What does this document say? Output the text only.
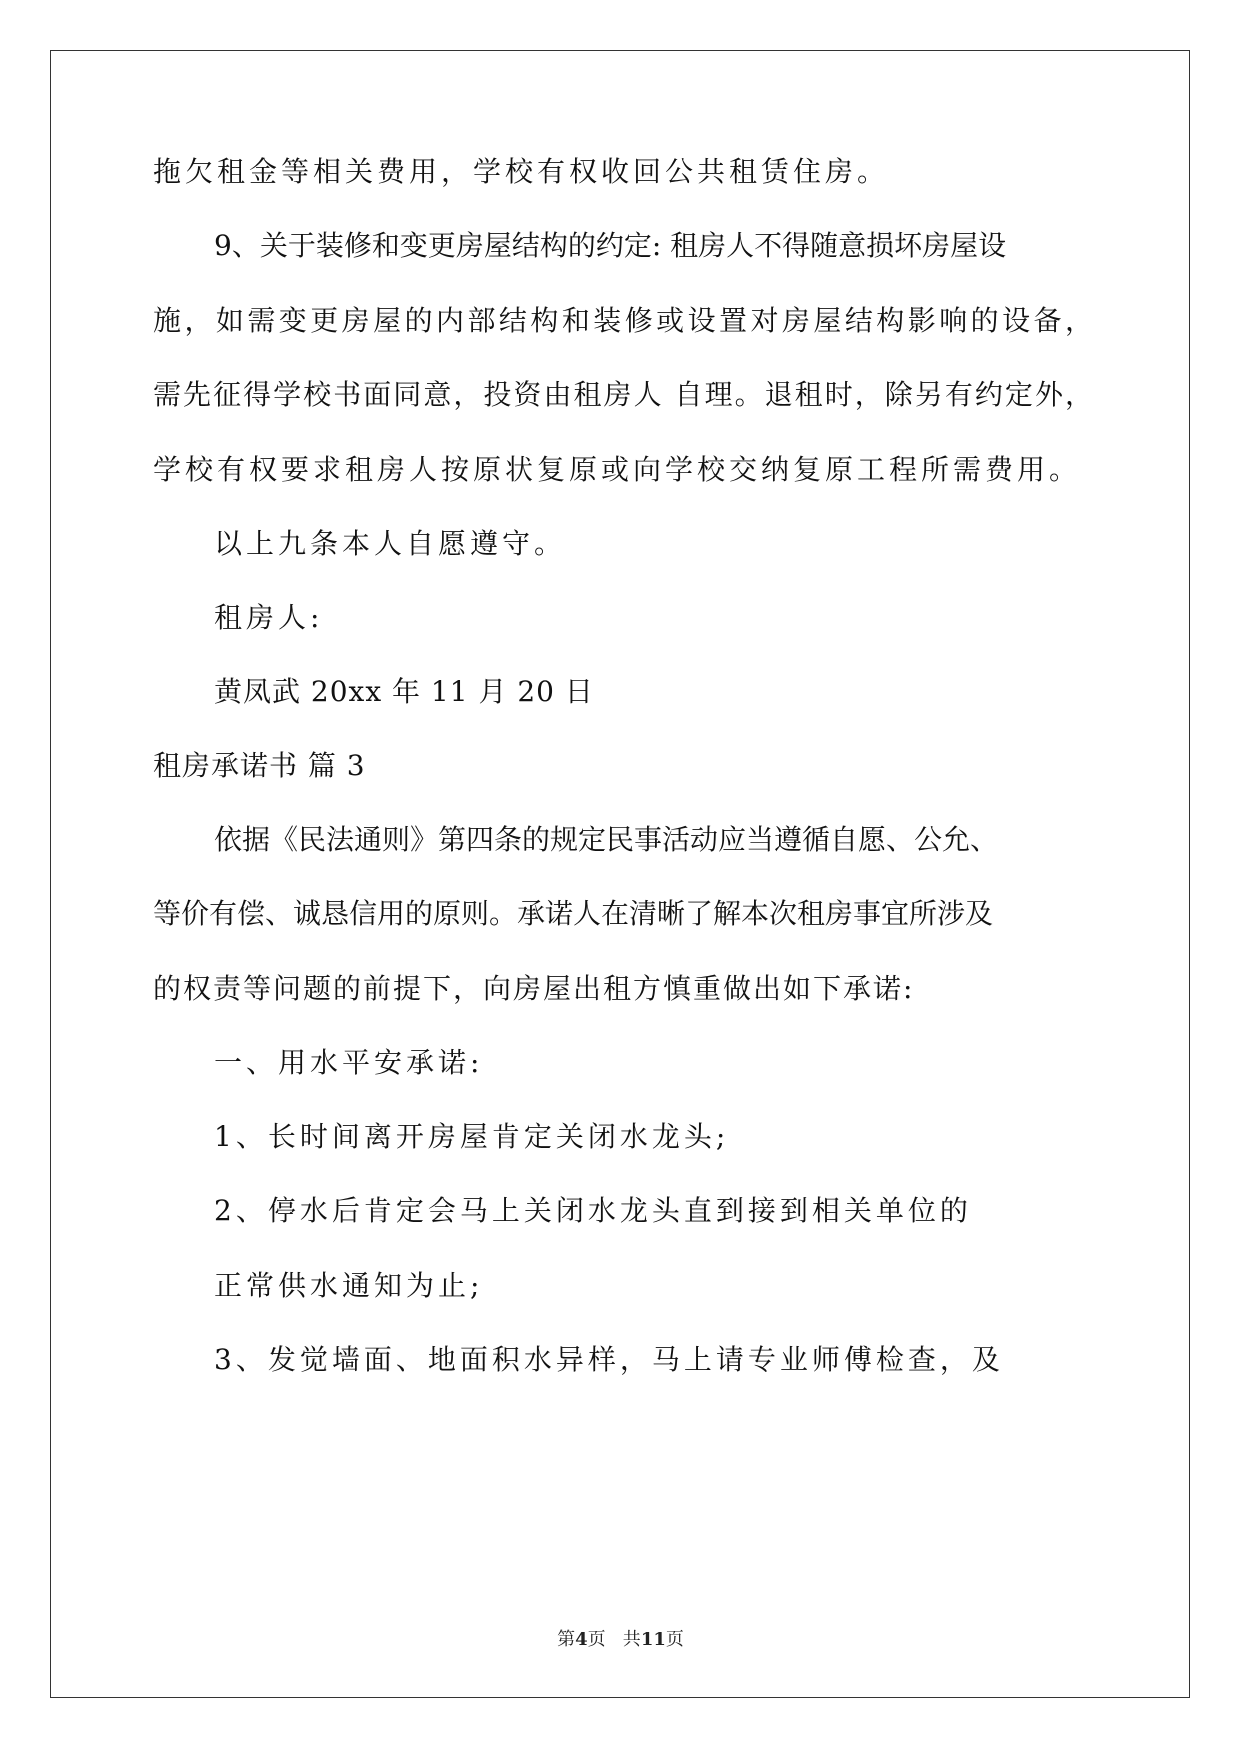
拖欠租金等相关费用，学校有权收回公共租赁住房。
9、关于装修和变更房屋结构的约定: 租房人不得随意损坏房屋设
施，如需变更房屋的内部结构和装修或设置对房屋结构影响的设备，
需先征得学校书面同意，投资由租房人 自理。退租时，除另有约定外，
学校有权要求租房人按原状复原或向学校交纳复原工程所需费用。
以上九条本人自愿遵守。
租房人:
黄凤武 20xx 年 11 月 20 日
租房承诺书 篇 3
依据《民法通则》第四条的规定民事活动应当遵循自愿、公允、
等价有偿、诚恳信用的原则。承诺人在清晰了解本次租房事宜所涉及
的权责等问题的前提下，向房屋出租方慎重做出如下承诺:
一、用水平安承诺:
1、长时间离开房屋肯定关闭水龙头;
2、停水后肯定会马上关闭水龙头直到接到相关单位的
正常供水通知为止;
3、发觉墙面、地面积水异样，马上请专业师傅检查，及
第4页   共11页
